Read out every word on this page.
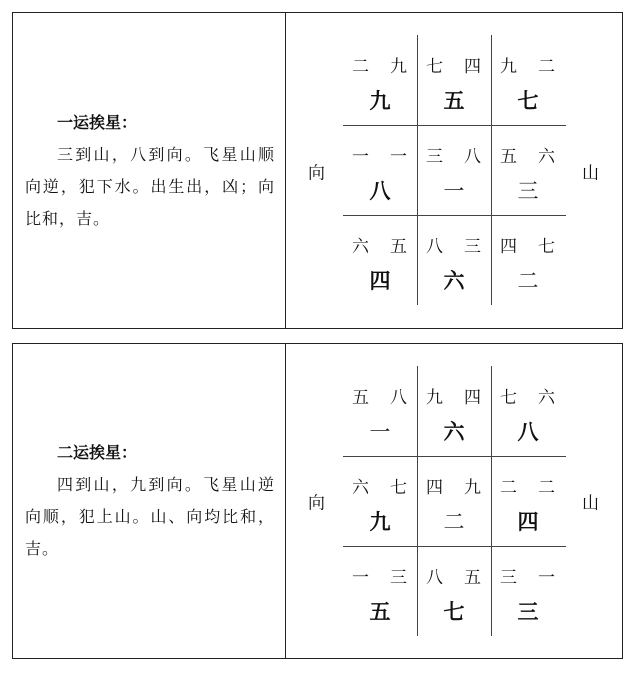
一运挨星：
三到山，八到向。飞星山顺向逆，犯下水。出生出，凶；向比和，吉。
向	山
二 九
九
七 四
五
九 二
七
一 一
八
三 八
一
五 六
三
六 五
四
八 三
六
四 七
二
二运挨星：
四到山，九到向。飞星山逆向顺，犯上山。山、向均比和，吉。
向	山
五 八
一
九 四
六
七 六
八
六 七
九
四 九
二
二 二
四
一 三
五
八 五
七
三 一
三
